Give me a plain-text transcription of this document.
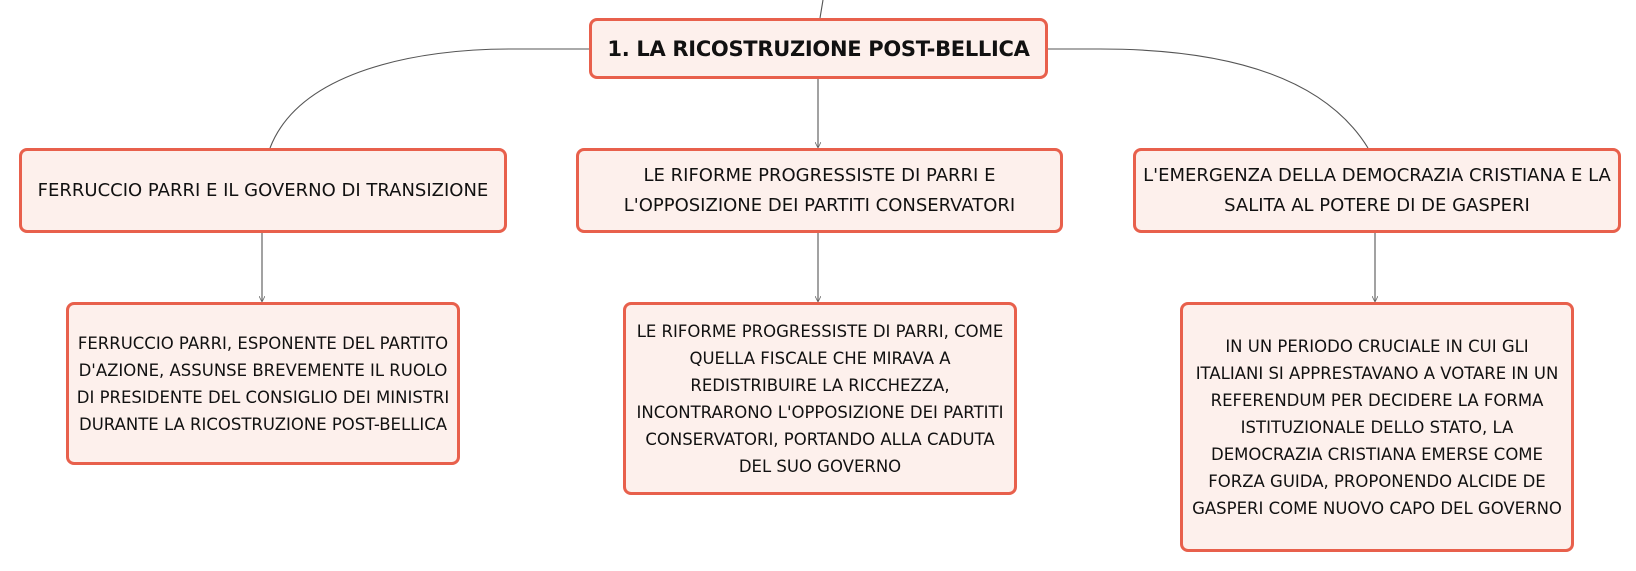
1. LA RICOSTRUZIONE POST-BELLICA
FERRUCCIO PARRI E IL GOVERNO DI TRANSIZIONE
LE RIFORME PROGRESSISTE DI PARRI E L'OPPOSIZIONE DEI PARTITI CONSERVATORI
L'EMERGENZA DELLA DEMOCRAZIA CRISTIANA E LA SALITA AL POTERE DI DE GASPERI
FERRUCCIO PARRI, ESPONENTE DEL PARTITO D'AZIONE, ASSUNSE BREVEMENTE IL RUOLO DI PRESIDENTE DEL CONSIGLIO DEI MINISTRI DURANTE LA RICOSTRUZIONE POST-BELLICA
LE RIFORME PROGRESSISTE DI PARRI, COME QUELLA FISCALE CHE MIRAVA A REDISTRIBUIRE LA RICCHEZZA, INCONTRARONO L'OPPOSIZIONE DEI PARTITI CONSERVATORI, PORTANDO ALLA CADUTA DEL SUO GOVERNO
IN UN PERIODO CRUCIALE IN CUI GLI ITALIANI SI APPRESTAVANO A VOTARE IN UN REFERENDUM PER DECIDERE LA FORMA ISTITUZIONALE DELLO STATO, LA DEMOCRAZIA CRISTIANA EMERSE COME FORZA GUIDA, PROPONENDO ALCIDE DE GASPERI COME NUOVO CAPO DEL GOVERNO
